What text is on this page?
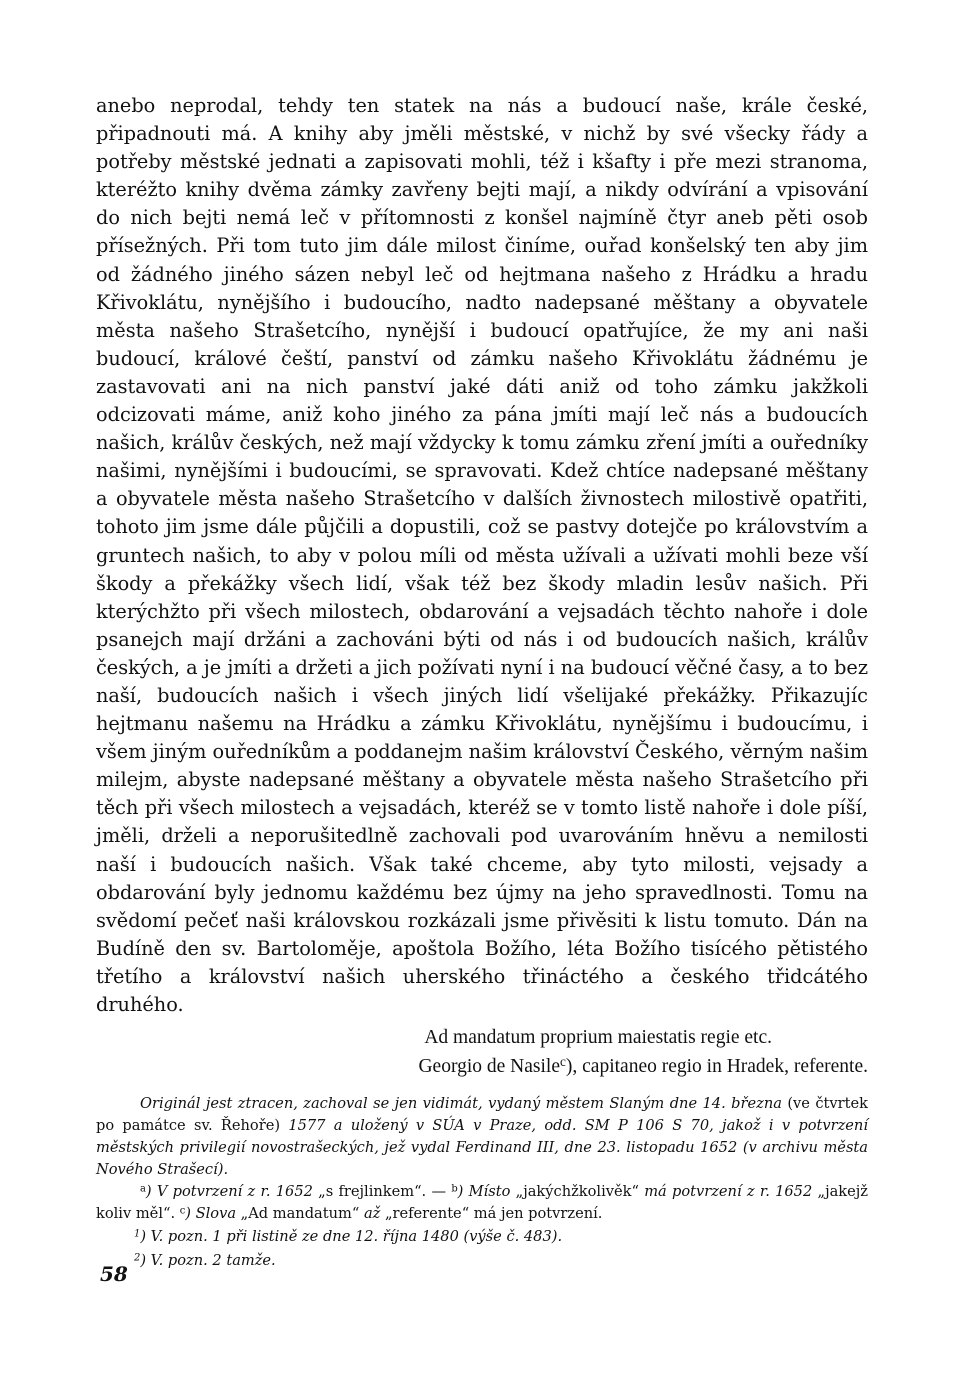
anebo neprodal, tehdy ten statek na nás a budoucí naše, krále české, připadnouti má. A knihy aby jměli městské, v nichž by své všecky řády a potřeby městské jednati a zapisovati mohli, též i kšafty i pře mezi stranoma, kteréžto knihy dvěma zámky zavřeny bejti mají, a nikdy odvírání a vpisování do nich bejti nemá leč v přítomnosti z konšel najmíně čtyr aneb pěti osob přísežných. Při tom tuto jim dále milost činíme, ouřad konšelský ten aby jim od žádného jiného sázen nebyl leč od hejtmana našeho z Hrádku a hradu Křivoklátu, nynějšího i budoucího, nadto nadepsané měštany a obyvatele města našeho Strašetcího, nynější i budoucí opatřujíce, že my ani naši budoucí, králové čeští, panství od zámku našeho Křivoklátu žádnému je zastavovati ani na nich panství jaké dáti aniž od toho zámku jakžkoli odcizovati máme, aniž koho jiného za pána jmíti mají leč nás a budoucích našich, králův českých, než mají vždycky k tomu zámku zření jmíti a ouředníky našimi, nynějšími i budoucími, se spravovati. Kdež chtíce nadepsané měštany a obyvatele města našeho Strašetcího v dalších živnostech milostivě opatřiti, tohoto jim jsme dále půjčili a dopustili, což se pastvy dotejče po královstvím a gruntech našich, to aby v polou míli od města užívali a užívati mohli beze vší škody a překážky všech lidí, však též bez škody mladin lesův našich. Při kterýchžto při všech milostech, obdarování a vejsadách těchto nahoře i dole psanejch mají držáni a zachováni býti od nás i od budoucích našich, králův českých, a je jmíti a držeti a jich požívati nyní i na budoucí věčné časy, a to bez naší, budoucích našich i všech jiných lidí všelijaké překážky. Přikazujíc hejtmanu našemu na Hrádku a zámku Křivoklátu, nynějšímu i budoucímu, i všem jiným ouředníkům a poddanejm našim království Českého, věrným našim milejm, abyste nadepsané měštany a obyvatele města našeho Strašetcího při těch při všech milostech a vejsadách, kteréž se v tomto listě nahoře i dole píší, jměli, drželi a neporušitedlně zachovali pod uvarováním hněvu a nemilosti naší i budoucích našich. Však také chceme, aby tyto milosti, vejsady a obdarování byly jednomu každému bez újmy na jeho spravedlnosti. Tomu na svědomí pečeť naši královskou rozkázali jsme přivěsiti k listu tomuto. Dán na Budíně den sv. Bartoloměje, apoštola Božího, léta Božího tisícého pětistého třetího a království našich uherského třináctého a českého třidcátého druhého.

Ad mandatum proprium maiestatis regie etc.
Georgio de Nasile$^c$), capitaneo regio in Hradek, referente.

Originál jest ztracen, zachoval se jen vidimát, vydaný městem Slaným dne 14. března (ve čtvrtek po památce sv. Řehoře) 1577 a uložený v SÚA v Praze, odd. SM P 106 S 70, jakož i v potvrzení městských privilegií novostrašeckých, jež vydal Ferdinand III, dne 23. listopadu 1652 (v archivu města Nového Strašecí).

$^a$) V potvrzení z r. 1652 „s frejlinkem“. — $^b$) Místo „jakýchžkolivěk“ má potvrzení z r. 1652 „jakejž koliv měl“. $^c$) Slova „Ad mandatum“ až „referente“ má jen potvrzení.

$^1$) V. pozn. 1 při listině ze dne 12. října 1480 (výše č. 483).

$^2$) V. pozn. 2 tamže.

58
